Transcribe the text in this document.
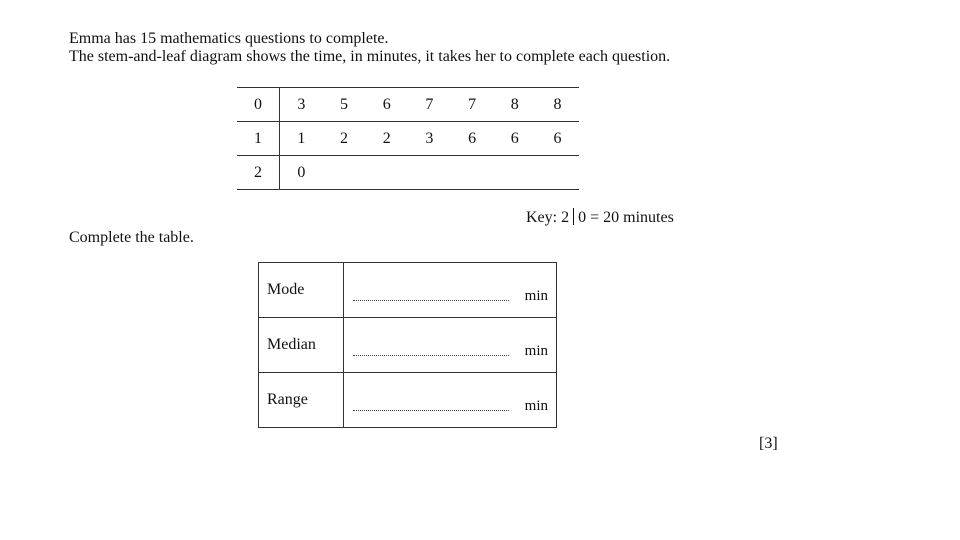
Emma has 15 mathematics questions to complete.
The stem-and-leaf diagram shows the time, in minutes, it takes her to complete each question.
0	3	5	6	7	7	8	8
1	1	2	2	3	6	6	6
2	0						
Key: 2 0 = 20 minutes
Complete the table.
Mode	min

Median	min

Range	min
[3]
